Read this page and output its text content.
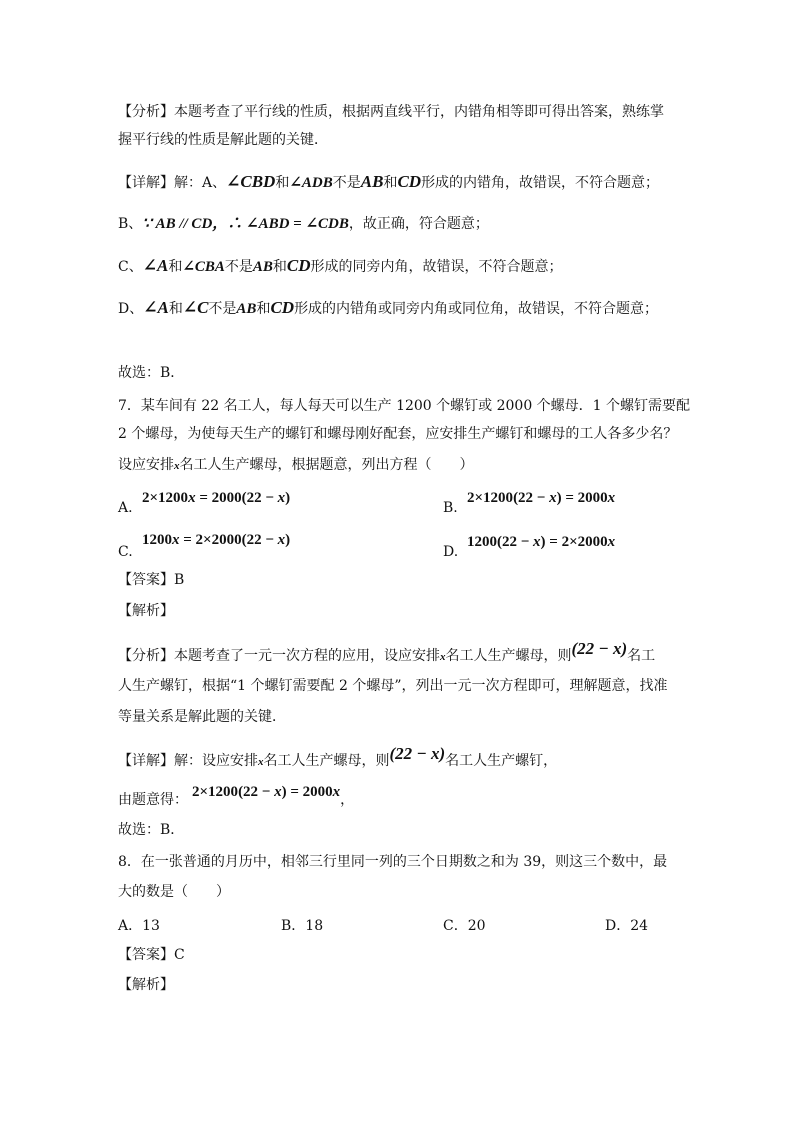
【分析】本题考查了平行线的性质，根据两直线平行，内错角相等即可得出答案，熟练掌
握平行线的性质是解此题的关键．
【详解】解：A、∠CBD和∠ADB不是AB和CD形成的内错角，故错误，不符合题意；
B、∵ AB // CD，∴ ∠ABD = ∠CDB，故正确，符合题意；
C、∠A和∠CBA不是AB和CD形成的同旁内角，故错误，不符合题意；
D、∠A和∠C不是AB和CD形成的内错角或同旁内角或同位角，故错误，不符合题意；
故选：B．
7．某车间有 22 名工人，每人每天可以生产 1200 个螺钉或 2000 个螺母．1 个螺钉需要配
2 个螺母，为使每天生产的螺钉和螺母刚好配套，应安排生产螺钉和螺母的工人各多少名？
设应安排x名工人生产螺母，根据题意，列出方程（　　）
A.
2×1200x = 2000(22 − x)
B.
2×1200(22 − x) = 2000x
C.
1200x = 2×2000(22 − x)
D.
1200(22 − x) = 2×2000x
【答案】B
【解析】
【分析】本题考查了一元一次方程的应用，设应安排x名工人生产螺母，则(22 − x)名工
人生产螺钉，根据“1 个螺钉需要配 2 个螺母”，列出一元一次方程即可，理解题意，找准
等量关系是解此题的关键．
【详解】解：设应安排x名工人生产螺母，则(22 − x)名工人生产螺钉，
由题意得： 2×1200(22 − x) = 2000x，
故选：B．
8．在一张普通的月历中，相邻三行里同一列的三个日期数之和为 39，则这三个数中，最
大的数是（　　）
A．13	B．18	C．20	D．24
【答案】C
【解析】
